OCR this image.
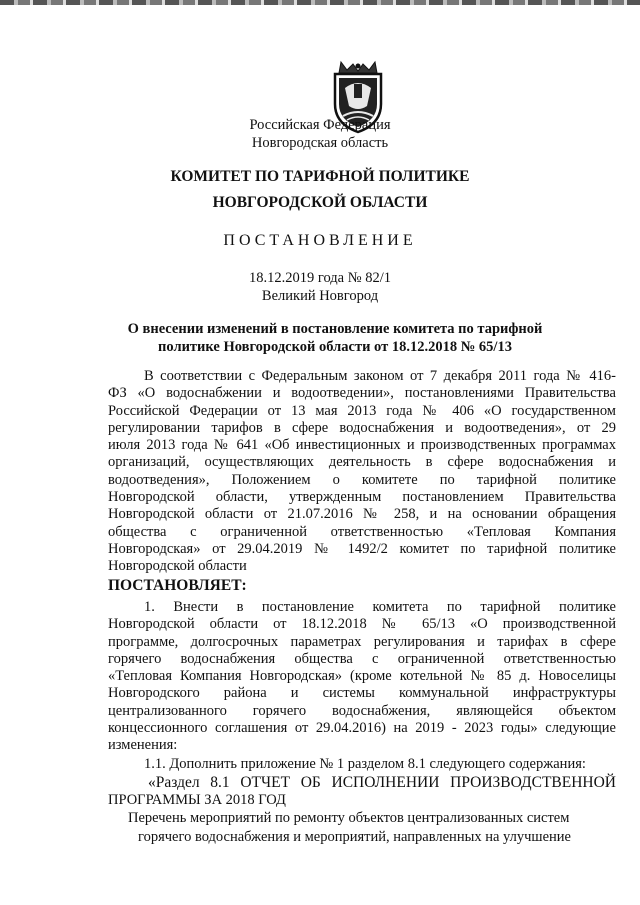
Российская Федерация
Новгородская область
КОМИТЕТ ПО ТАРИФНОЙ ПОЛИТИКЕ
НОВГОРОДСКОЙ ОБЛАСТИ
ПОСТАНОВЛЕНИЕ
18.12.2019 года № 82/1
Великий Новгород
О внесении изменений в постановление комитета по тарифной
политике Новгородской области от 18.12.2018 № 65/13

В соответствии с Федеральным законом от 7 декабря 2011 года № 416-

ФЗ «О водоснабжении и водоотведении», постановлениями Правительства

Российской Федерации от 13 мая 2013 года № 406 «О государственном

регулировании тарифов в сфере водоснабжения и водоотведения», от 29

июля 2013 года № 641 «Об инвестиционных и производственных программах

организаций, осуществляющих деятельность в сфере водоснабжения и

водоотведения», Положением о комитете по тарифной политике

Новгородской области, утвержденным постановлением Правительства

Новгородской области от 21.07.2016 № 258, и на основании обращения

общества с ограниченной ответственностью «Тепловая Компания

Новгородская» от 29.04.2019 № 1492/2 комитет по тарифной политике

Новгородской области

ПОСТАНОВЛЯЕТ:

1. Внести в постановление комитета по тарифной политике

Новгородской области от 18.12.2018 № 65/13 «О производственной

программе, долгосрочных параметрах регулирования и тарифах в сфере

горячего водоснабжения общества с ограниченной ответственностью

«Тепловая Компания Новгородская» (кроме котельной № 85 д. Новоселицы

Новгородского района и системы коммунальной инфраструктуры

централизованного горячего водоснабжения, являющейся объектом

концессионного соглашения от 29.04.2016) на 2019 - 2023 годы» следующие

изменения:

1.1. Дополнить приложение № 1 разделом 8.1 следующего содержания:
«Раздел 8.1 ОТЧЕТ ОБ ИСПОЛНЕНИИ ПРОИЗВОДСТВЕННОЙ
ПРОГРАММЫ ЗА 2018 ГОД
Перечень мероприятий по ремонту объектов централизованных систем
горячего водоснабжения и мероприятий, направленных на улучшение
